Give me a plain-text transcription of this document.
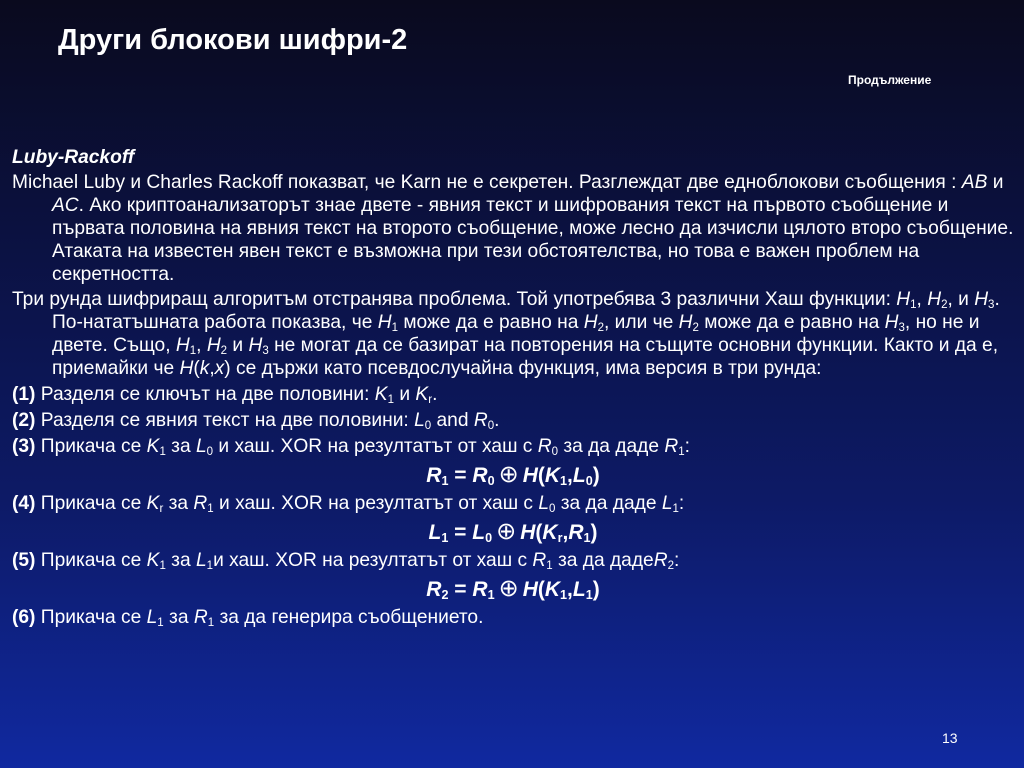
Други блокови шифри-2
Продължение

Luby-Rackoff

Michael Luby и Charles Rackoff показват, че Karn не е секретен. Разглеждат две едноблокови съобщения : AB и AC. Ако криптоанализаторът знае двете - явния текст и шифрования текст на първото съобщение и първата половина на явния текст на второто съобщение, може лесно да изчисли цялото второ съобщение. Атаката на известен явен текст е възможна при тези обстоятелства, но това е важен проблем на секретността.

Три рунда шифриращ алгоритъм отстранява проблема. Той употребява 3 различни Хаш функции: $H_1$, $H_2$, и $H_3$. По-нататъшната работа показва, че $H_1$ може да е равно на $H_2$, или че $H_2$ може да е равно на $H_3$, но не и двете. Също, $H_1$, $H_2$ и $H_3$ не могат да се базират на повторения на същите основни функции. Както и да е, приемайки че H(k,x) се държи като псевдослучайна функция, има версия в три рунда:

(1) Разделя се ключът на две половини: $K_1$ и $K_r$.

(2) Разделя се явния текст на две половини: $L_0$ and $R_0$.

(3) Прикача се $K_1$ за $L_0$ и хаш. XOR на резултатът от хаш с $R_0$ за да даде $R_1$:

$R_1 = R_0$ ⊕ $H(K_1,L_0)$

(4) Прикача се $K_r$ за $R_1$ и хаш. XOR на резултатът от хаш с $L_0$ за да даде $L_1$:

$L_1 = L_0$ ⊕ $H(K_r,R_1)$

(5) Прикача се $K_1$ за $L_1и$ хаш. XOR на резултатът от хаш с $R_1$ за да дадеR$_2$:

$R_2 = R_1$ ⊕ $H(K_1,L_1)$

(6) Прикача се $L_1$ за $R_1$ за да генерира съобщението.

13
